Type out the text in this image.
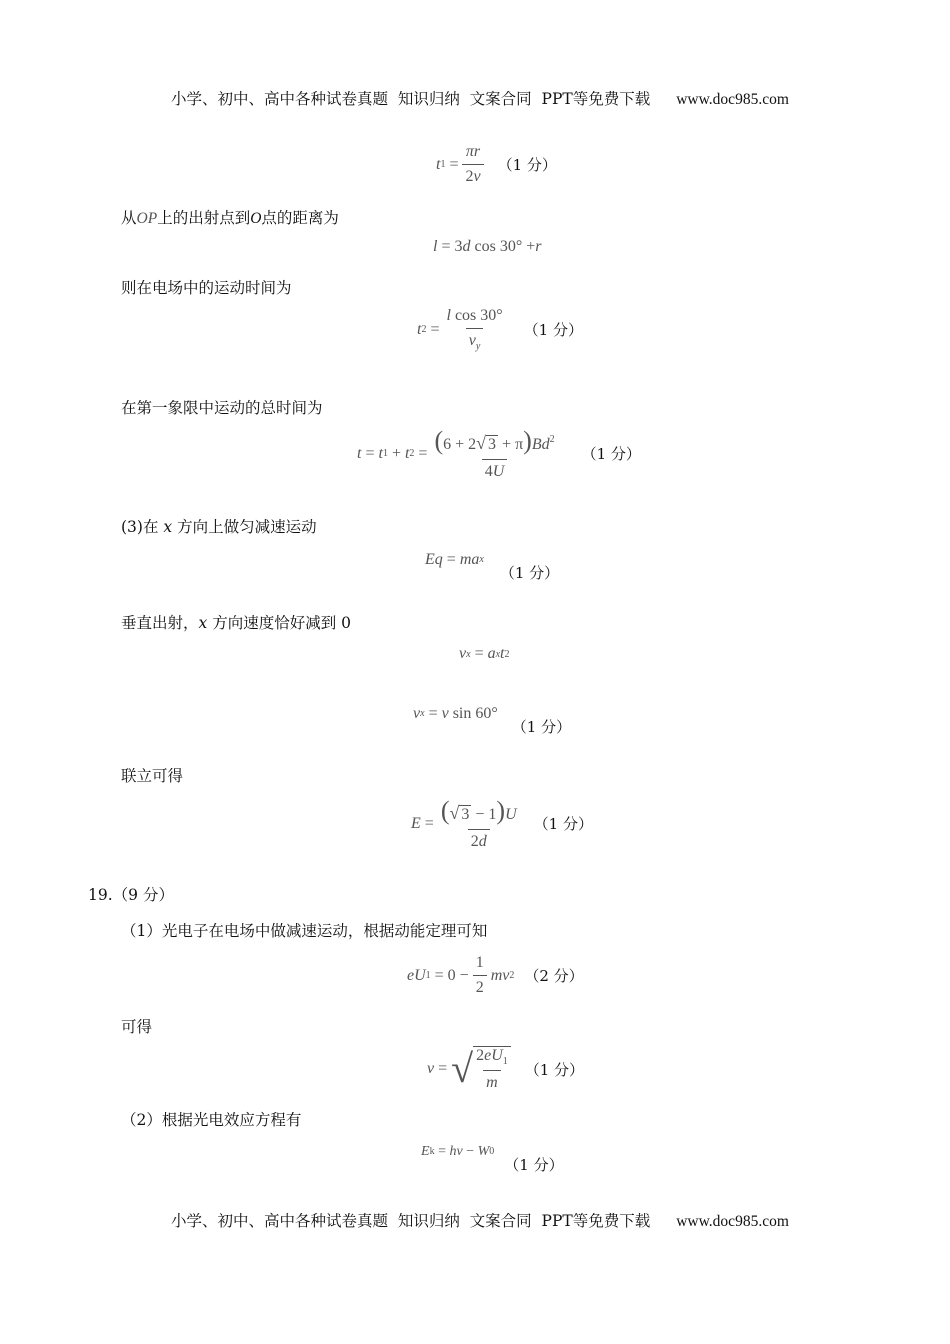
小学、初中、高中各种试卷真题  知识归纳  文案合同  PPT等免费下载 www.doc985.com

t $1 = \frac{\pi r}{2v} (1$ 分）
从OP上的出射点到O点的距离为
l = 3 d cos 30° + r
则在电场中的运动时间为
t $2 = \frac{\text{l cos 30°}}{v_y} (1$ 分）
在第一象限中运动的总时间为
t = t 1 + t $2 = \frac{(6 + 2√ 3 + \pi)Bd^2}{4U} (1$ 分）
(3)在 x 方向上做匀减速运动
Eq = ma x
（1 分）
垂直出射，x 方向速度恰好减到 0
v x = a x t 2
v x = v sin 60°
（1 分）
联立可得
$E = \frac{(√ 3 - 1)U}{2d} (1$ 分）
19.（9 分）
（1）光电子在电场中做减速运动，根据动能定理可知
eU $1 = 0 - \frac{1}{2}$ mv 2 （2 分）
可得
v = √ $\frac{2eU_1}{m} (1$ 分）
（2）根据光电效应方程有
E k = hν − W 0
（1 分）

小学、初中、高中各种试卷真题  知识归纳  文案合同  PPT等免费下载 www.doc985.com
